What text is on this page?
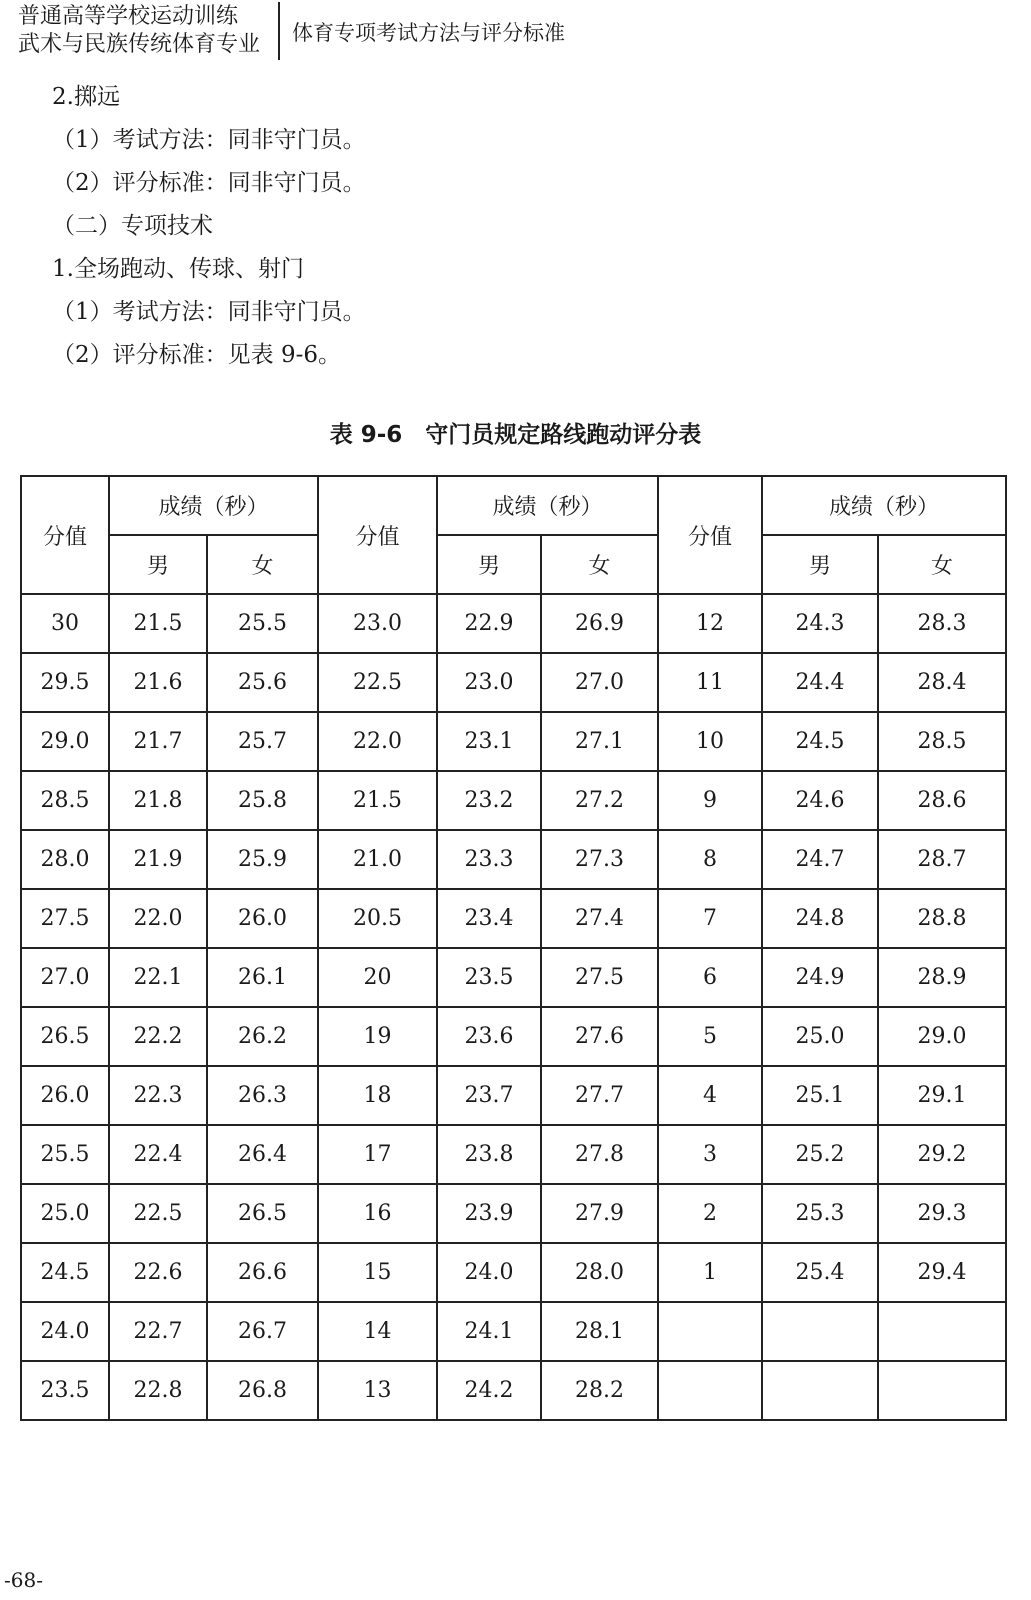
普通高等学校运动训练
武术与民族传统体育专业 体育专项考试方法与评分标准
2.掷远
（1）考试方法：同非守门员。
（2）评分标准：同非守门员。
（二）专项技术
1.全场跑动、传球、射门
（1）考试方法：同非守门员。
（2）评分标准：见表 9-6。
表 9-6　守门员规定路线跑动评分表
分值	成绩（秒）		分值	成绩（秒）		分值	成绩（秒）	
	男	女		男	女		男	女
30	21.5	25.5	23.0	22.9	26.9	12	24.3	28.3
29.5	21.6	25.6	22.5	23.0	27.0	11	24.4	28.4
29.0	21.7	25.7	22.0	23.1	27.1	10	24.5	28.5
28.5	21.8	25.8	21.5	23.2	27.2	9	24.6	28.6
28.0	21.9	25.9	21.0	23.3	27.3	8	24.7	28.7
27.5	22.0	26.0	20.5	23.4	27.4	7	24.8	28.8
27.0	22.1	26.1	20	23.5	27.5	6	24.9	28.9
26.5	22.2	26.2	19	23.6	27.6	5	25.0	29.0
26.0	22.3	26.3	18	23.7	27.7	4	25.1	29.1
25.5	22.4	26.4	17	23.8	27.8	3	25.2	29.2
25.0	22.5	26.5	16	23.9	27.9	2	25.3	29.3
24.5	22.6	26.6	15	24.0	28.0	1	25.4	29.4
24.0	22.7	26.7	14	24.1	28.1			
23.5	22.8	26.8	13	24.2	28.2			
-68-
